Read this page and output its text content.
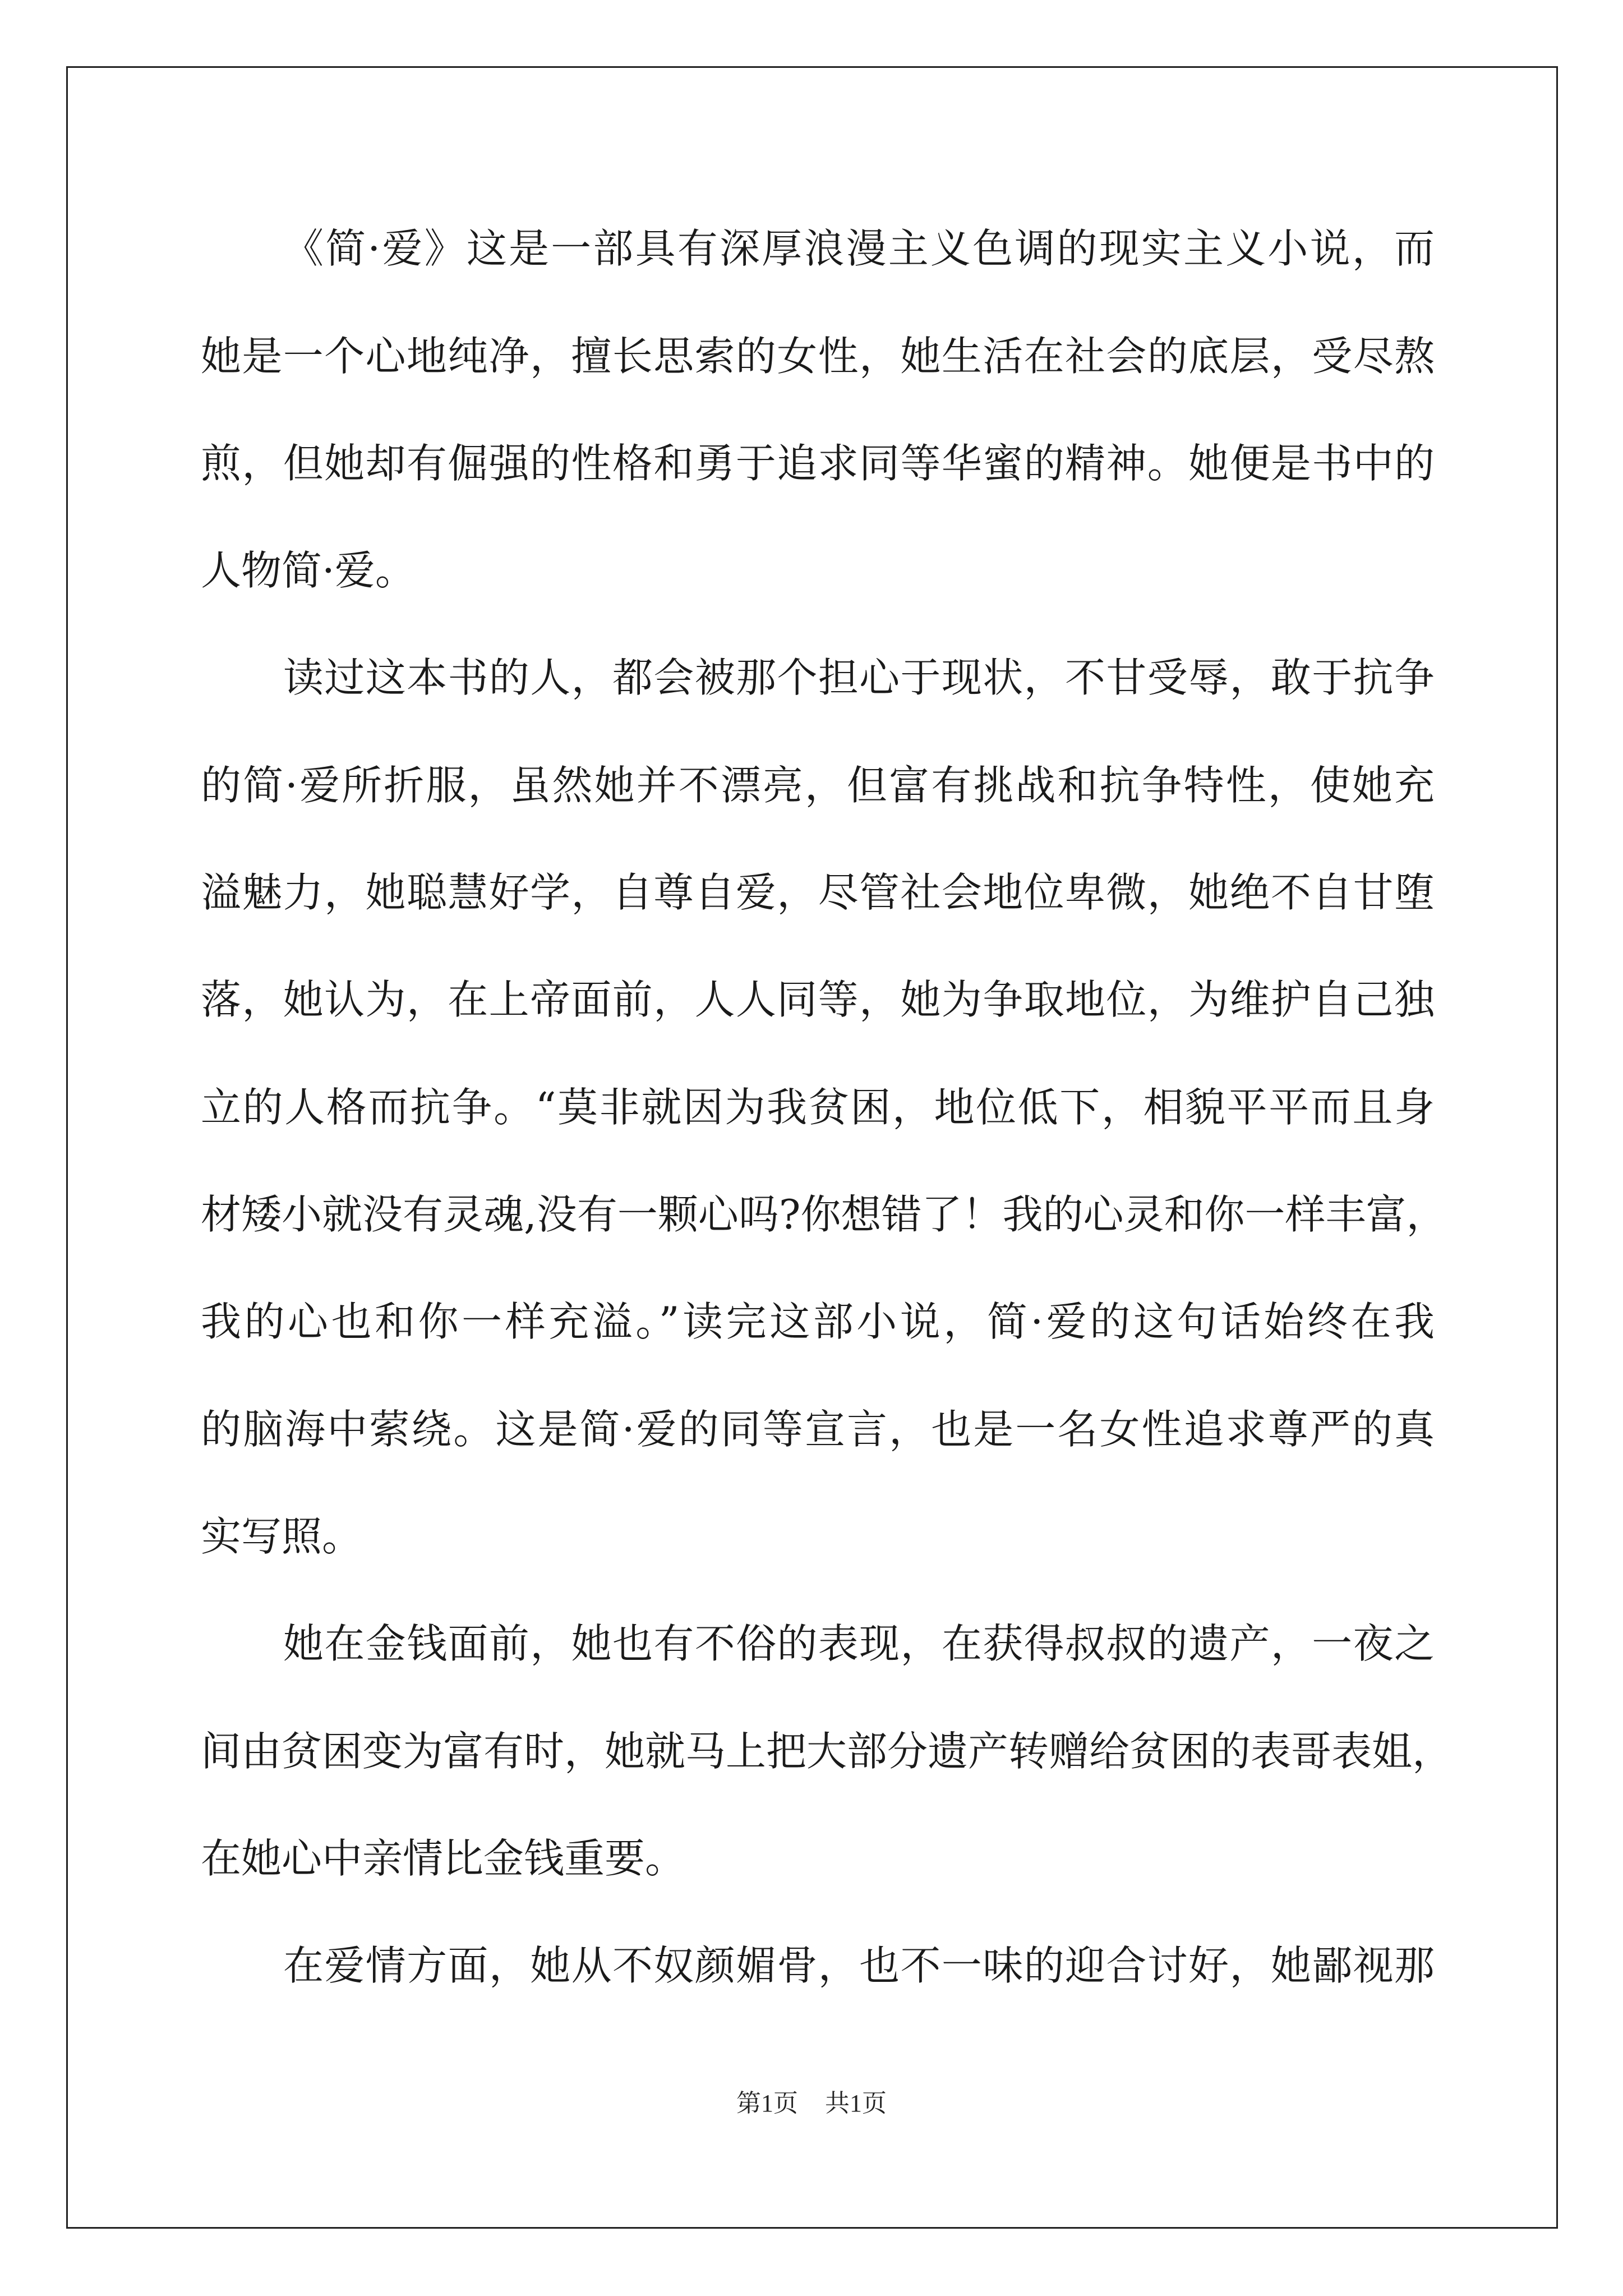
《简·爱》这是一部具有深厚浪漫主义色调的现实主义小说，而
她是一个心地纯净，擅长思索的女性，她生活在社会的底层，受尽熬
煎，但她却有倔强的性格和勇于追求同等华蜜的精神。她便是书中的
人物简·爱。
读过这本书的人，都会被那个担心于现状，不甘受辱，敢于抗争
的简·爱所折服，虽然她并不漂亮，但富有挑战和抗争特性，使她充
溢魅力，她聪慧好学，自尊自爱，尽管社会地位卑微，她绝不自甘堕
落，她认为，在上帝面前，人人同等，她为争取地位，为维护自己独
立的人格而抗争。“莫非就因为我贫困，地位低下，相貌平平而且身
材矮小就没有灵魂,没有一颗心吗?你想错了！我的心灵和你一样丰富，
我的心也和你一样充溢。”读完这部小说，简·爱的这句话始终在我
的脑海中萦绕。这是简·爱的同等宣言，也是一名女性追求尊严的真
实写照。
她在金钱面前，她也有不俗的表现，在获得叔叔的遗产，一夜之
间由贫困变为富有时，她就马上把大部分遗产转赠给贫困的表哥表姐，
在她心中亲情比金钱重要。
在爱情方面，她从不奴颜媚骨，也不一味的迎合讨好，她鄙视那
第1页 共1页
